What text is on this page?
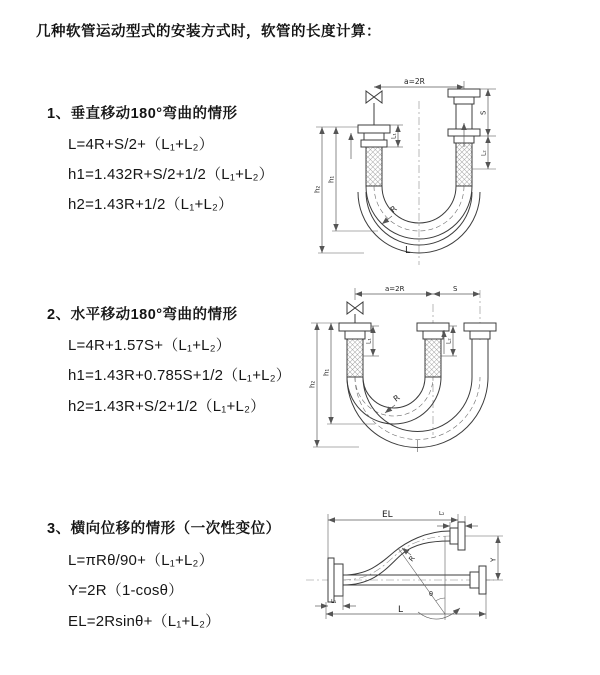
几种软管运动型式的安装方式时，软管的长度计算：
1、垂直移动180°弯曲的情形
L=4R+S/2+（L₁+L₂）
h1=1.432R+S/2+1/2（L₁+L₂）
h2=1.43R+1/2（L₁+L₂）
2、水平移动180°弯曲的情形
L=4R+1.57S+（L₁+L₂）
h1=1.43R+0.785S+1/2（L₁+L₂）
h2=1.43R+S/2+1/2（L₁+L₂）
3、横向位移的情形（一次性变位）
L=πRθ/90+（L₁+L₂）
Y=2R（1-cosθ）
EL=2Rsinθ+（L₁+L₂）
a=2R
h₂
h₁
L₁
S
L₂
R
L
a=2R	S
h₂
h₁
L₁	L₂
R
θ
R
EL	L₂
Y
L
L₁
